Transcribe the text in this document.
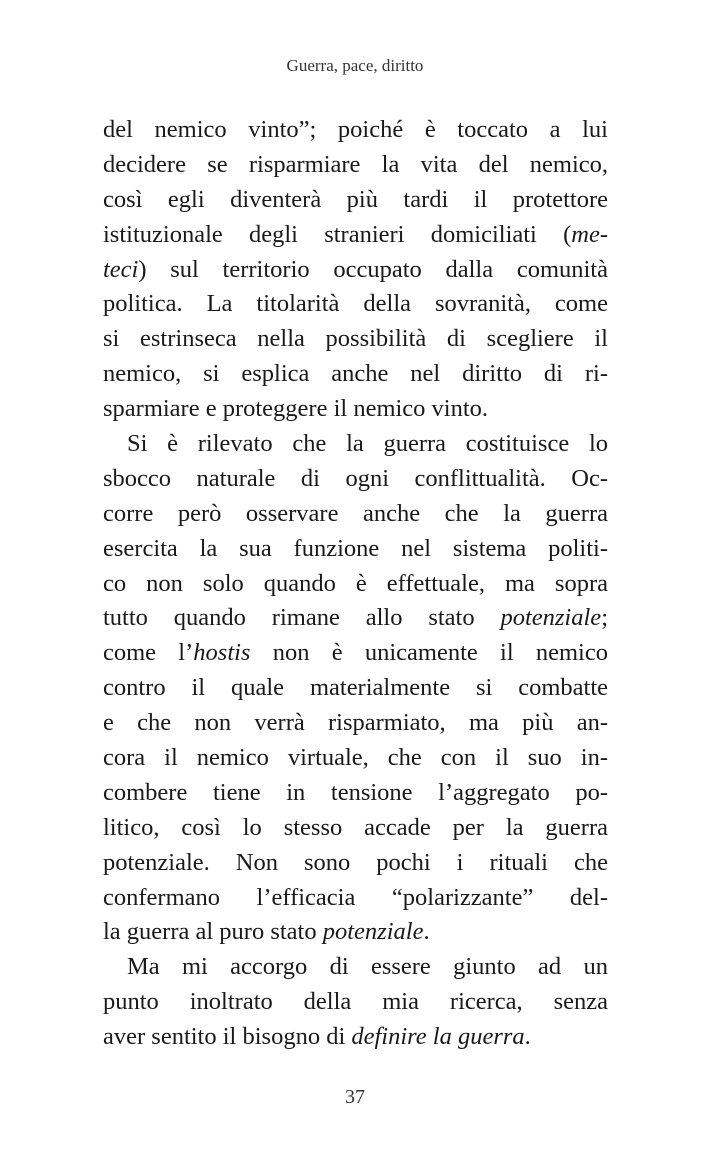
Guerra, pace, diritto
del nemico vinto”; poiché è toccato a lui
decidere se risparmiare la vita del nemico,
così egli diventerà più tardi il protettore
istituzionale degli stranieri domiciliati (me-
teci) sul territorio occupato dalla comunità
politica. La titolarità della sovranità, come
si estrinseca nella possibilità di scegliere il
nemico, si esplica anche nel diritto di ri-
sparmiare e proteggere il nemico vinto.
Si è rilevato che la guerra costituisce lo
sbocco naturale di ogni conflittualità. Oc-
corre però osservare anche che la guerra
esercita la sua funzione nel sistema politi-
co non solo quando è effettuale, ma sopra
tutto quando rimane allo stato potenziale;
come l’hostis non è unicamente il nemico
contro il quale materialmente si combatte
e che non verrà risparmiato, ma più an-
cora il nemico virtuale, che con il suo in-
combere tiene in tensione l’aggregato po-
litico, così lo stesso accade per la guerra
potenziale. Non sono pochi i rituali che
confermano l’efficacia “polarizzante” del-
la guerra al puro stato potenziale.
Ma mi accorgo di essere giunto ad un
punto inoltrato della mia ricerca, senza
aver sentito il bisogno di definire la guerra.
37
